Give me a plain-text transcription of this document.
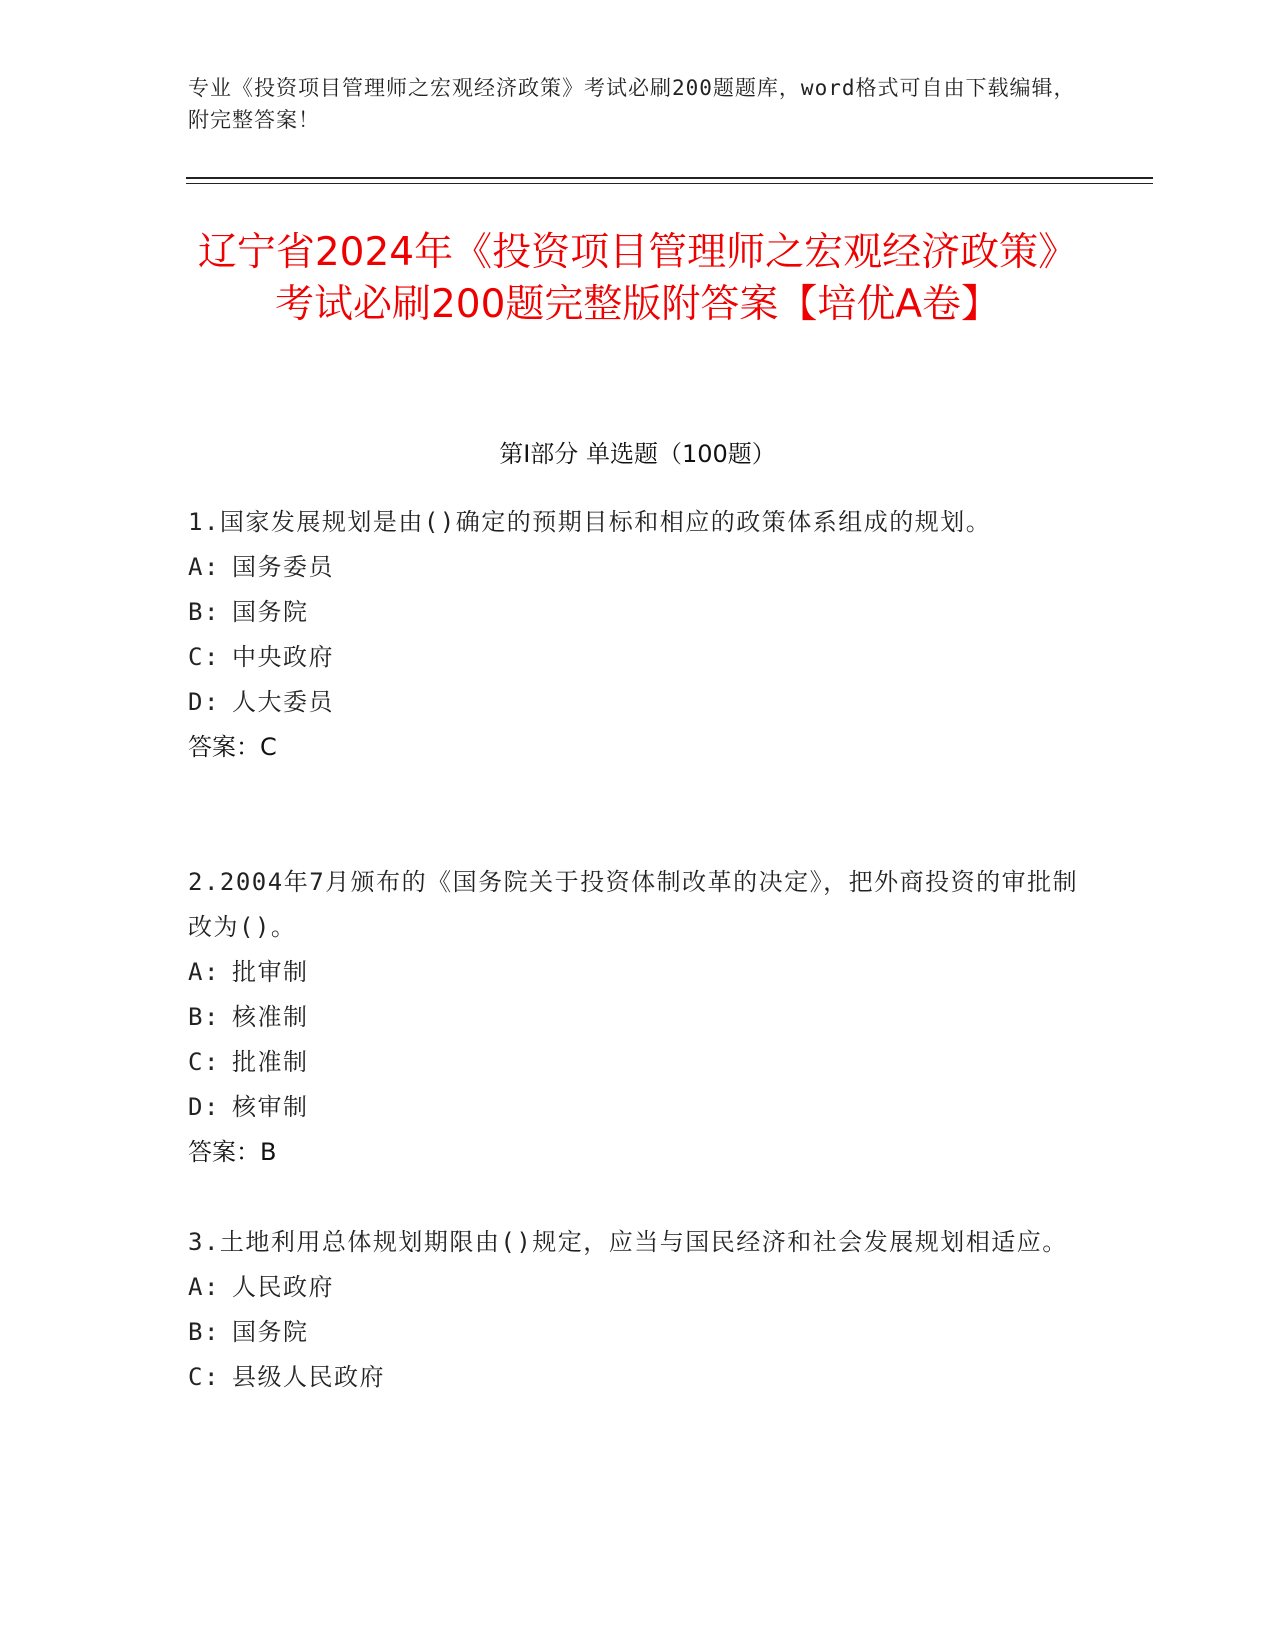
专业《投资项目管理师之宏观经济政策》考试必刷200题题库，word格式可自由下载编辑，附完整答案！
辽宁省2024年《投资项目管理师之宏观经济政策》考试必刷200题完整版附答案【培优A卷】
第I部分 单选题（100题）
1.国家发展规划是由()确定的预期目标和相应的政策体系组成的规划。
A: 国务委员
B: 国务院
C: 中央政府
D: 人大委员
答案：C
2.2004年7月颁布的《国务院关于投资体制改革的决定》，把外商投资的审批制改为()。
A: 批审制
B: 核准制
C: 批准制
D: 核审制
答案：B
3.土地利用总体规划期限由()规定，应当与国民经济和社会发展规划相适应。
A: 人民政府
B: 国务院
C: 县级人民政府
